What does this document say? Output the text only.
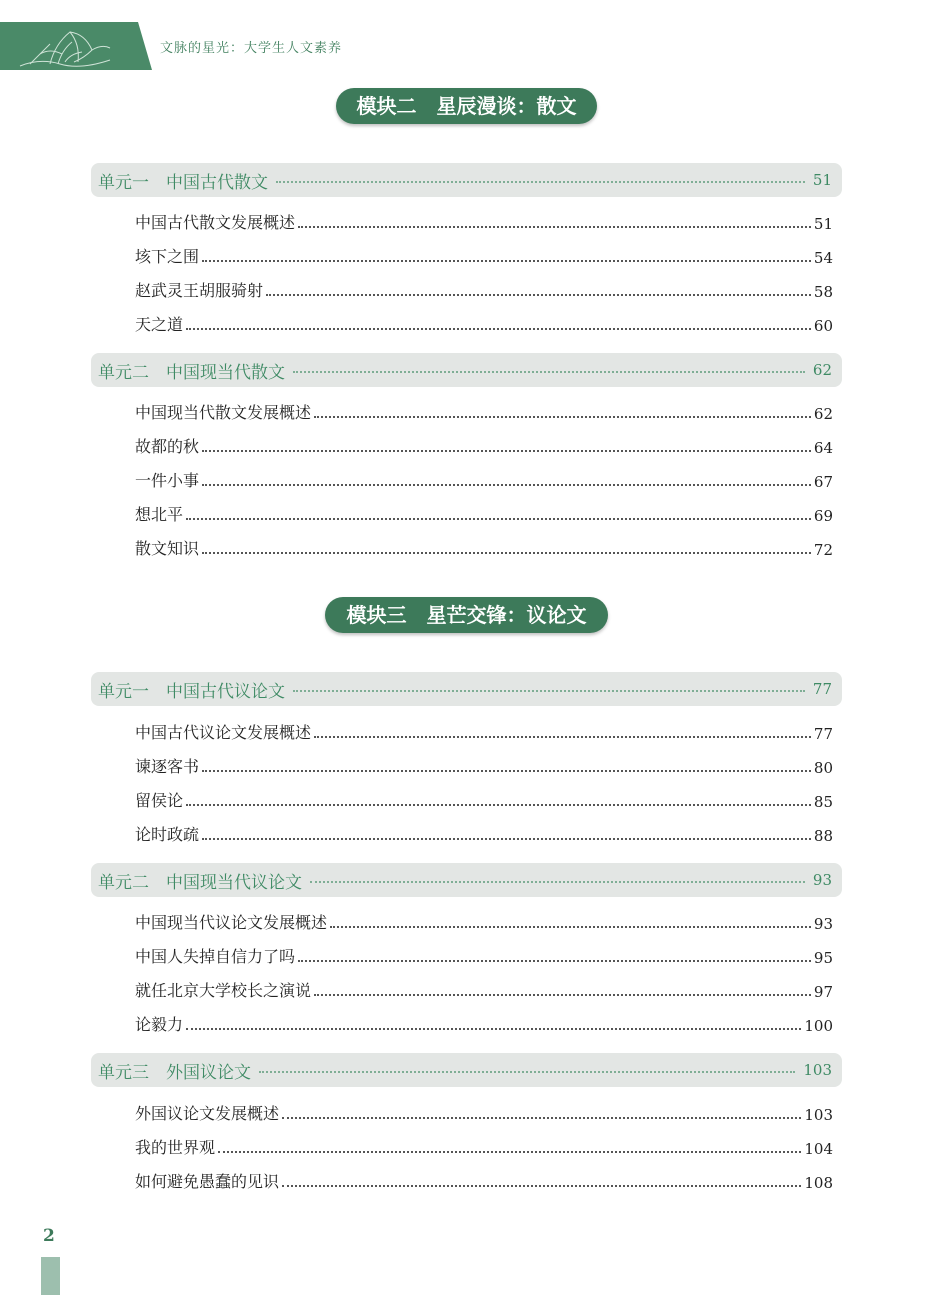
文脉的星光：大学生人文素养
模块二　星辰漫谈：散文
单元一　中国古代散文	51
中国古代散文发展概述	51
垓下之围	54
赵武灵王胡服骑射	58
天之道	60
单元二　中国现当代散文	62
中国现当代散文发展概述	62
故都的秋	64
一件小事	67
想北平	69
散文知识	72
模块三　星芒交锋：议论文
单元一　中国古代议论文	77
中国古代议论文发展概述	77
谏逐客书	80
留侯论	85
论时政疏	88
单元二　中国现当代议论文	93
中国现当代议论文发展概述	93
中国人失掉自信力了吗	95
就任北京大学校长之演说	97
论毅力	100
单元三　外国议论文	103
外国议论文发展概述	103
我的世界观	104
如何避免愚蠢的见识	108
2
